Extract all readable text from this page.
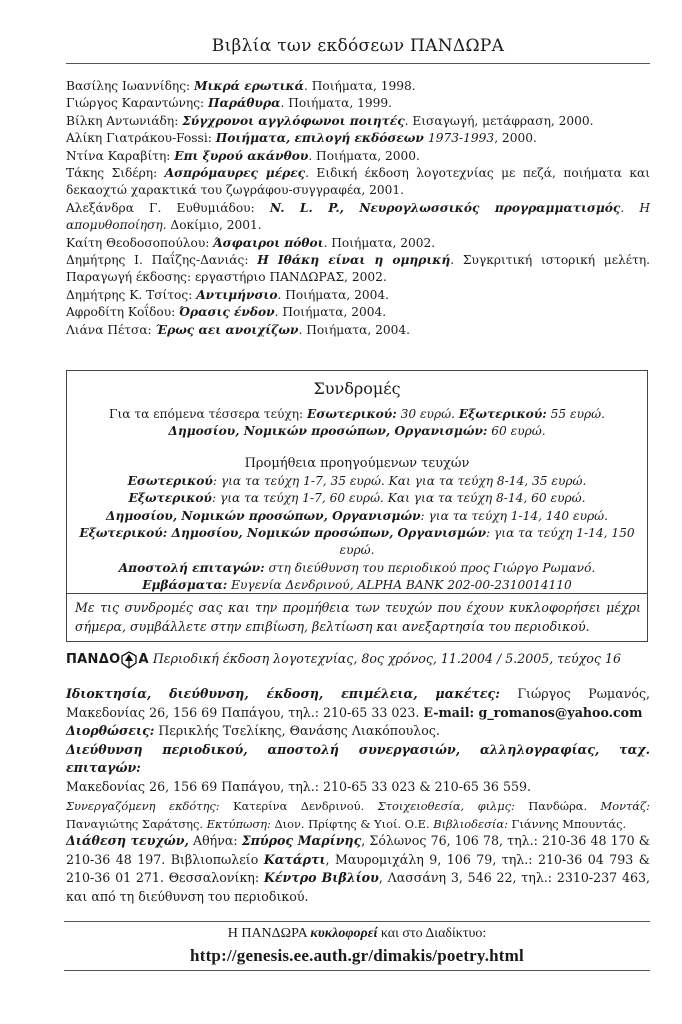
Βιβλία των εκδόσεων ΠΑΝΔΩΡΑ

Βασίλης Ιωαννίδης: Μικρά ερωτικά. Ποιήματα, 1998.

Γιώργος Καραντώνης: Παράθυρα. Ποιήματα, 1999.

Βίλκη Αντωνιάδη: Σύγχρονοι αγγλόφωνοι ποιητές. Εισαγωγή, μετάφραση, 2000.

Αλίκη Γιατράκου-Fossi: Ποιήματα, επιλογή εκδόσεων 1973-1993, 2000.

Ντίνα Καραβίτη: Επι ξυρού ακάνθου. Ποιήματα, 2000.

Τάκης Σιδέρη: Ασπρόμαυρες μέρες. Ειδική έκδοση λογοτεχνίας με πεζά, ποιήματα και δεκαοχτώ χαρακτικά του ζωγράφου-συγγραφέα, 2001.

Αλεξάνδρα Γ. Ευθυμιάδου: N. L. P., Νευρογλωσσικός προγραμματισμός. Η απομυθοποίηση. Δοκίμιο, 2001.

Καίτη Θεοδοσοπούλου: Άσφαιροι πόθοι. Ποιήματα, 2002.

Δημήτρης Ι. Παΐζης-Δανιάς: Η Ιθάκη είναι η ομηρική. Συγκριτική ιστορική μελέτη. Παραγωγή έκδοσης: εργαστήριο ΠΑΝΔΩΡΑΣ, 2002.

Δημήτρης Κ. Τσίτος: Αντιμήνσιο. Ποιήματα, 2004.

Αφροδίτη Κοΐδου: Όρασις ένδον. Ποιήματα, 2004.

Λιάνα Πέτσα: Έρως αει ανοιχίζων. Ποιήματα, 2004.

Συνδρομές
Για τα επόμενα τέσσερα τεύχη: Εσωτερικού: 30 ευρώ. Εξωτερικού: 55 ευρώ.
Δημοσίου, Νομικών προσώπων, Οργανισμών: 60 ευρώ.
Προμήθεια προηγούμενων τευχών

Εσωτερικού: για τα τεύχη 1-7, 35 ευρώ. Και για τα τεύχη 8-14, 35 ευρώ.

Εξωτερικού: για τα τεύχη 1-7, 60 ευρώ. Και για τα τεύχη 8-14, 60 ευρώ.

Δημοσίου, Νομικών προσώπων, Οργανισμών: για τα τεύχη 1-14, 140 ευρώ.

Εξωτερικού: Δημοσίου, Νομικών προσώπων, Οργανισμών: για τα τεύχη 1-14, 150 ευρώ.

Αποστολή επιταγών: στη διεύθυνση του περιοδικού προς Γιώργο Ρωμανό.

Εμβάσματα: Ευγενία Δενδρινού, ALPHA BANK 202-00-2310014110

Με τις συνδρομές σας και την προμήθεια των τευχών που έχουν κυκλοφορήσει μέχρι σήμερα, συμβάλλετε στην επιβίωση, βελτίωση και ανεξαρτησία του περιοδικού.
ΠΑΝΔΟ Α Περιοδική έκδοση λογοτεχνίας, 8ος χρόνος, 11.2004 / 5.2005, τεύχος 16

Ιδιοκτησία, διεύθυνση, έκδοση, επιμέλεια, μακέτες: Γιώργος Ρωμανός, Μακεδονίας 26, 156 69 Παπάγου, τηλ.: 210-65 33 023. E-mail: g_romanos@yahoo.com

Διορθώσεις: Περικλής Τσελίκης, Θανάσης Λιακόπουλος.

Διεύθυνση περιοδικού, αποστολή συνεργασιών, αλληλογραφίας, ταχ. επιταγών:
Μακεδονίας 26, 156 69 Παπάγου, τηλ.: 210-65 33 023 & 210-65 36 559.

Συνεργαζόμενη εκδότης: Κατερίνα Δενδρινού. Στοιχειοθεσία, φιλμς: Πανδώρα. Μοντάζ: Παναγιώτης Σαράτσης. Εκτύπωση: Διον. Πρίφτης & Υιοί. Ο.Ε. Βιβλιοδεσία: Γιάννης Μπουντάς.

Διάθεση τευχών, Αθήνα: Σπύρος Μαρίνης, Σόλωνος 76, 106 78, τηλ.: 210-36 48 170 & 210-36 48 197. Βιβλιοπωλείο Κατάρτι, Μαυρομιχάλη 9, 106 79, τηλ.: 210-36 04 793 & 210-36 01 271. Θεσσαλονίκη: Κέντρο Βιβλίου, Λασσάνη 3, 546 22, τηλ.: 2310-237 463, και από τη διεύθυνση του περιοδικού.

Η ΠΑΝΔΩΡΑ κυκλοφορεί και στο Διαδίκτυο:
http://genesis.ee.auth.gr/dimakis/poetry.html
